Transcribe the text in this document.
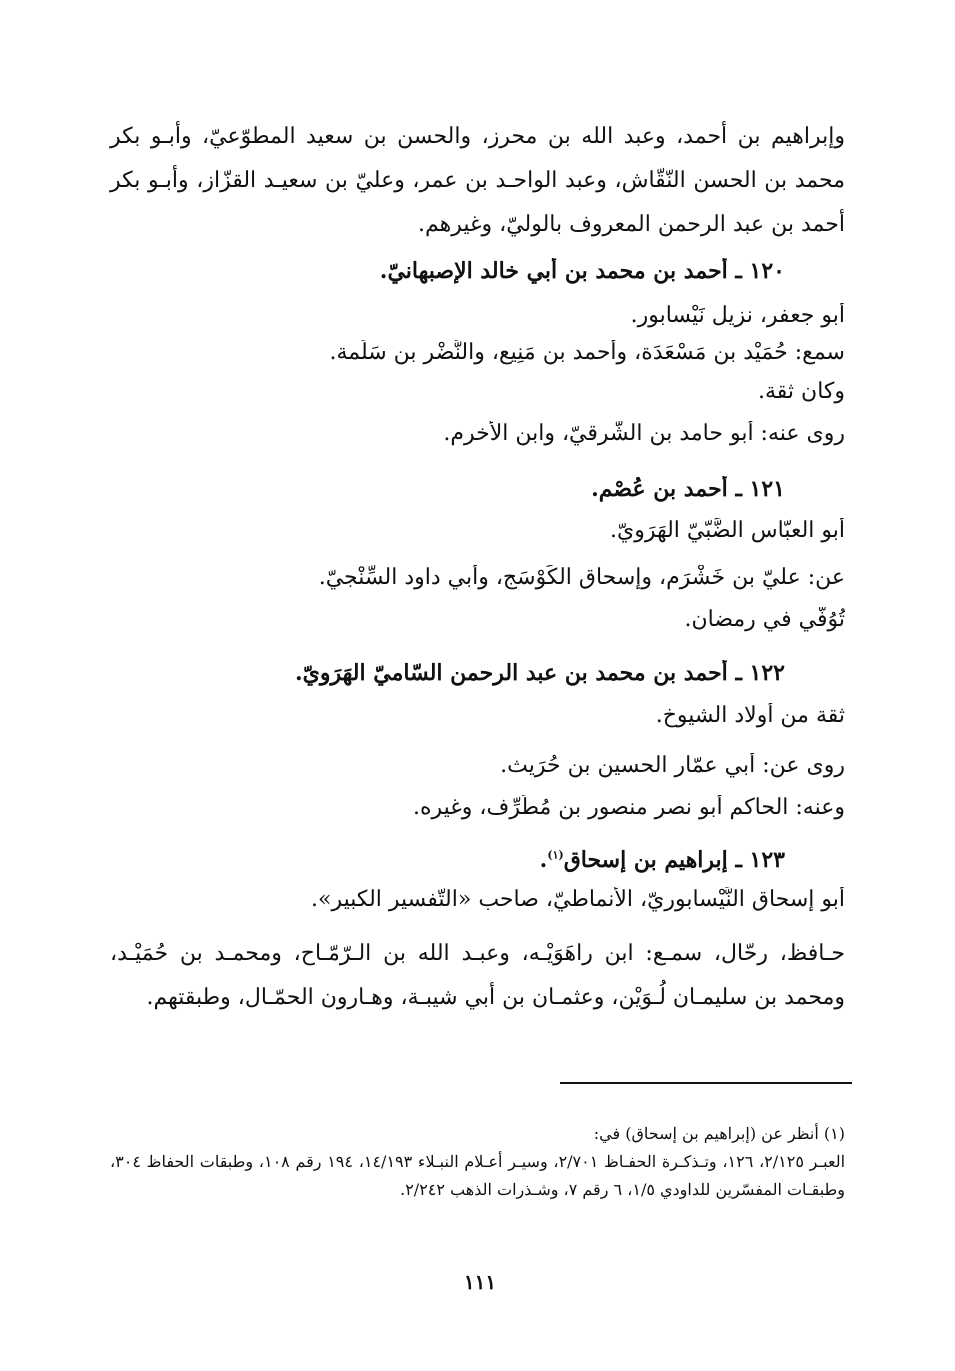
وإبراهيم بن أحمد، وعبد الله بن محرز، والحسن بن سعيد المطوّعيّ، وأبـو بكر محمد بن الحسن النّقّاش، وعبد الواحـد بن عمر، وعليّ بن سعيـد القزّاز، وأبـو بكر أحمد بن عبد الرحمن المعروف بالوليّ، وغيرهم.

١٢٠ ـ أحمد بن محمد بن أبي خالد الإصبهانيّ.
أبو جعفر، نزيل نَيْسابور.
سمع: حُمَيْد بن مَسْعَدَة، وأحمد بن مَنِيع، والنَّضْر بن سَلَمة.
وكان ثقة.
روى عنه: أبو حامد بن الشَّرقيّ، وابن الأخرم.
١٢١ ـ أحمد بن عُصْم.
أبو العبّاس الضَّبّيّ الهَرَويّ.
عن: عليّ بن خَشْرَم، وإسحاق الكَوْسَج، وأبي داود السِّنْجيّ.
تُوُفّي في رمضان.
١٢٢ ـ أحمد بن محمد بن عبد الرحمن السّاميّ الهَرَويّ.
ثقة من أولاد الشيوخ.
روى عن: أبي عمّار الحسين بن حُرَيث.
وعنه: الحاكم أبو نصر منصور بن مُطَرِّف، وغيره.
١٢٣ ـ إبراهيم بن إسحاق$^{(١)}$.
أبو إسحاق النَّيْسابوريّ، الأنماطيّ، صاحب «التّفسير الكبير».

حـافظ، رحّال، سمـع: ابن راهَوَيْـه، وعبـد الله بن الـرّمّـاح، ومحمـد بن حُمَيْـد، ومحمد بن سليمـان لُـوَيْن، وعثمـان بن أبي شيبـة، وهـارون الحمّـال، وطبقتهم.

(١) أنظر عن (إبراهيم بن إسحاق) في:

العبـر ٢/١٢٥، ١٢٦، وتـذكـرة الحفـاظ ٢/٧٠١، وسيـر أعـلام النبـلاء ١٤/١٩٣، ١٩٤ رقم ١٠٨، وطبقات الحفاظ ٣٠٤، وطبقـات المفسّرين للداودي ١/٥، ٦ رقم ٧، وشـذرات الذهب ٢/٢٤٢.

١١١
